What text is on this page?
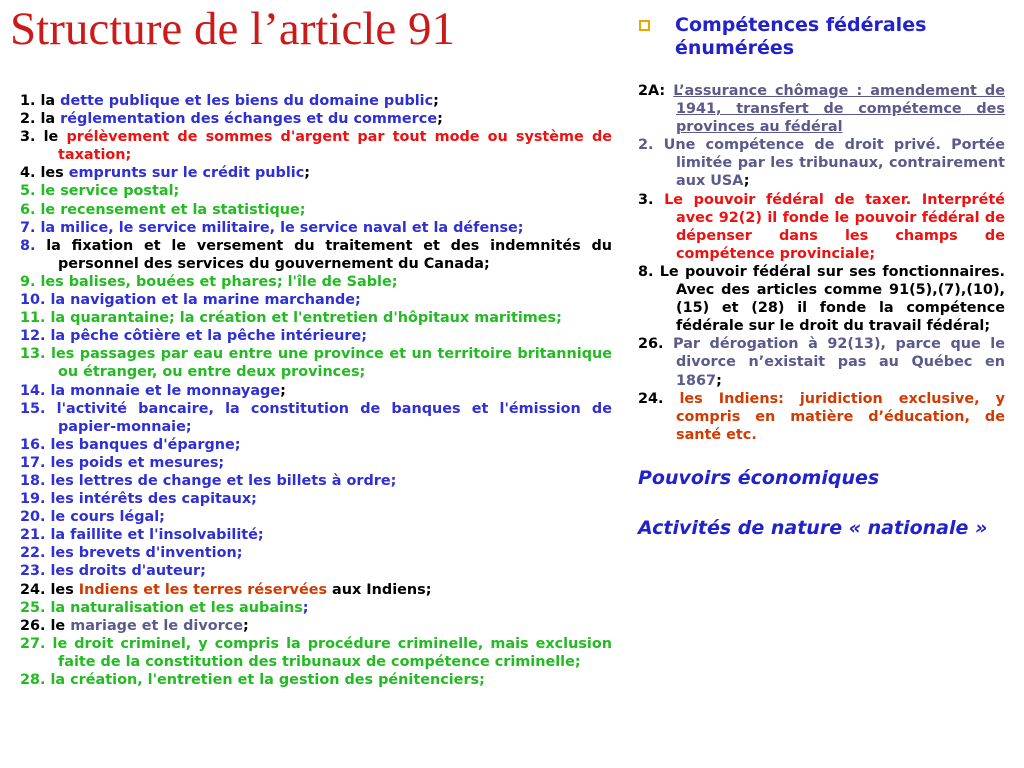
Structure de l’article 91

1. la dette publique et les biens du domaine public;

2. la réglementation des échanges et du commerce;

3. le prélèvement de sommes d'argent par tout mode ou système de taxation;

4. les emprunts sur le crédit public;

5. le service postal;

6. le recensement et la statistique;

7. la milice, le service militaire, le service naval et la défense;

8. la fixation et le versement du traitement et des indemnités du personnel des services du gouvernement du Canada;

9. les balises, bouées et phares; l'île de Sable;

10. la navigation et la marine marchande;

11. la quarantaine; la création et l'entretien d'hôpitaux maritimes;

12. la pêche côtière et la pêche intérieure;

13. les passages par eau entre une province et un territoire britannique ou étranger, ou entre deux provinces;

14. la monnaie et le monnayage;

15. l'activité bancaire, la constitution de banques et l'émission de papier-monnaie;

16. les banques d'épargne;

17. les poids et mesures;

18. les lettres de change et les billets à ordre;

19. les intérêts des capitaux;

20. le cours légal;

21. la faillite et l'insolvabilité;

22. les brevets d'invention;

23. les droits d'auteur;

24. les Indiens et les terres réservées aux Indiens;

25. la naturalisation et les aubains;

26. le mariage et le divorce;

27. le droit criminel, y compris la procédure criminelle, mais exclusion faite de la constitution des tribunaux de compétence criminelle;

28. la création, l'entretien et la gestion des pénitenciers;

Compétences fédérales énumérées

2A: L’assurance chômage : amendement de 1941, transfert de compétemce des provinces au fédéral

2. Une compétence de droit privé. Portée limitée par les tribunaux, contrairement aux USA;

3. Le pouvoir fédéral de taxer. Interprété avec 92(2) il fonde le pouvoir fédéral de dépenser dans les champs de compétence provinciale;

8. Le pouvoir fédéral sur ses fonctionnaires. Avec des articles comme 91(5),(7),(10),(15) et (28) il fonde la compétence fédérale sur le droit du travail fédéral;

26. Par dérogation à 92(13), parce que le divorce n’existait pas au Québec en 1867;

24. les Indiens: juridiction exclusive, y compris en matière d’éducation, de santé etc.

Pouvoirs économiques

Activités de nature « nationale »
